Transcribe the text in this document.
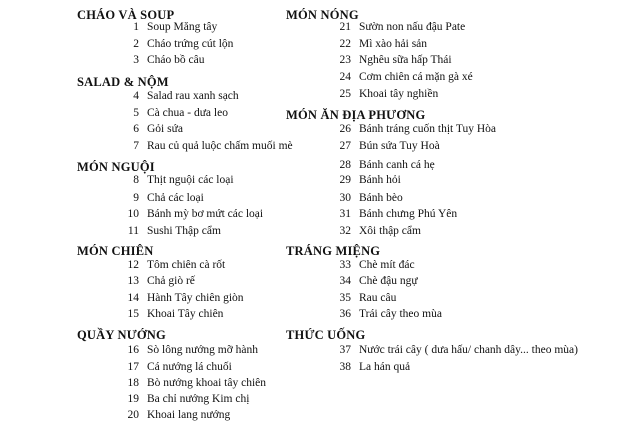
CHÁO VÀ SOUP
1 Soup Măng tây
2 Cháo trứng cút lộn
3 Cháo bồ câu
SALAD & NỘM
4 Salad rau xanh sạch
5 Cà chua - dưa leo
6 Gỏi sứa
7 Rau củ quả luộc chấm muối mè
MÓN NGUỘI
8 Thịt nguội các loại
9 Chả các loại
10 Bánh mỳ bơ mứt các loại
11 Sushi Thập cẩm
MÓN CHIÊN
12 Tôm chiên cà rốt
13 Chả giò rế
14 Hành Tây chiên giòn
15 Khoai Tây chiên
QUẦY NƯỚNG
16 Sò lông nướng mỡ hành
17 Cá nướng lá chuối
18 Bò nướng khoai tây chiên
19 Ba chỉ nướng Kim chị
20 Khoai lang nướng
MÓN NÓNG
21 Sườn non nấu đậu Pate
22 Mì xào hải sản
23 Nghêu sữa hấp Thái
24 Cơm chiên cá mặn gà xé
25 Khoai tây nghiền
MÓN ĂN ĐỊA PHƯƠNG
26 Bánh tráng cuốn thịt Tuy Hòa
27 Bún sứa Tuy Hoà
28 Bánh canh cá hẹ
29 Bánh hỏi
30 Bánh bèo
31 Bánh chưng Phú Yên
32 Xôi thập cẩm
TRÁNG MIỆNG
33 Chè mít đác
34 Chè đậu ngự
35 Rau câu
36 Trái cây theo mùa
THỨC UỐNG
37 Nước trái cây ( dưa hấu/ chanh dây... theo mùa)
38 La hán quả
